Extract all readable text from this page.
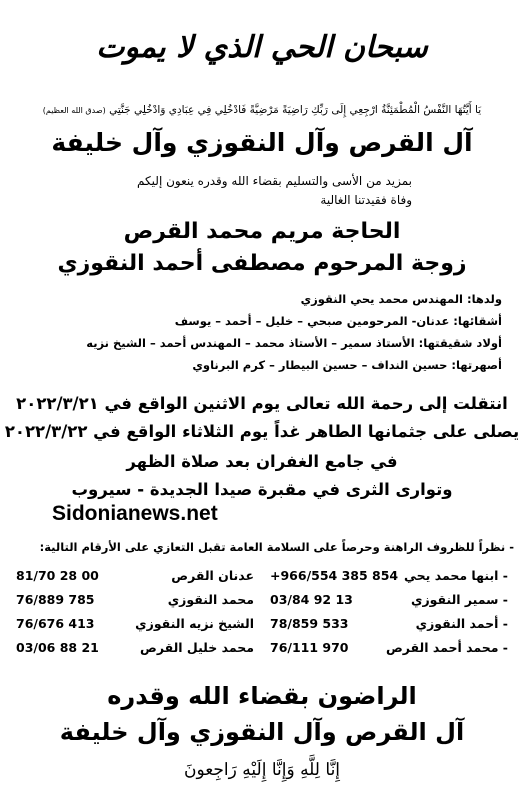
سبحان الحي الذي لا يموت
يَا أَيَّتُهَا النَّفْسُ الْمُطْمَئِنَّةُ ارْجِعِي إِلَى رَبِّكِ رَاضِيَةً مَرْضِيَّةً فَادْخُلِي فِي عِبَادِي وَادْخُلِي جَنَّتِي (صدق الله العظيم)
آل القرص وآل النقوزي وآل خليفة
بمزيد من الأسى والتسليم بقضاء الله وقدره ينعون إليكم
وفاة فقيدتنا الغالية
الحاجة مريم محمد القرص
زوجة المرحوم مصطفى أحمد النقوزي
ولدها: المهندس محمد يحي النقوزي
أشقائها: عدنان- المرحومين صبحي – خليل – أحمد – يوسف
أولاد شقيقتها: الأستاذ سمير – الأستاذ محمد – المهندس أحمد – الشيخ نزيه
أصهرتها: حسين النداف – حسين البيطار – كرم البرناوي
انتقلت إلى رحمة الله تعالى يوم الاثنين الواقع في ٢٠٢٢/٣/٢١
يصلى على جثمانها الطاهر غداً يوم الثلاثاء الواقع في ٢٠٢٢/٣/٢٢
في جامع الغفران بعد صلاة الظهر
وتوارى الثرى في مقبرة صيدا الجديدة - سيروب
Sidonianews.net
- نظراً للظروف الراهنة وحرصاً على السلامة العامة تقبل التعازي على الأرقام التالية:
- ابنها محمد يحي
+966/554 385 854
عدنان القرص
81/70 28 00
- سمير النقوزي
03/84 92 13
محمد النقوزي
76/889 785
- أحمد النقوزي
78/859 533
الشيخ نزيه النقوزي
76/676 413
- محمد أحمد القرص
76/111 970
محمد خليل القرص
03/06 88 21
الراضون بقضاء الله وقدره
آل القرص وآل النقوزي وآل خليفة
إِنَّا لِلَّهِ وَإِنَّا إِلَيْهِ رَاجِعونَ
